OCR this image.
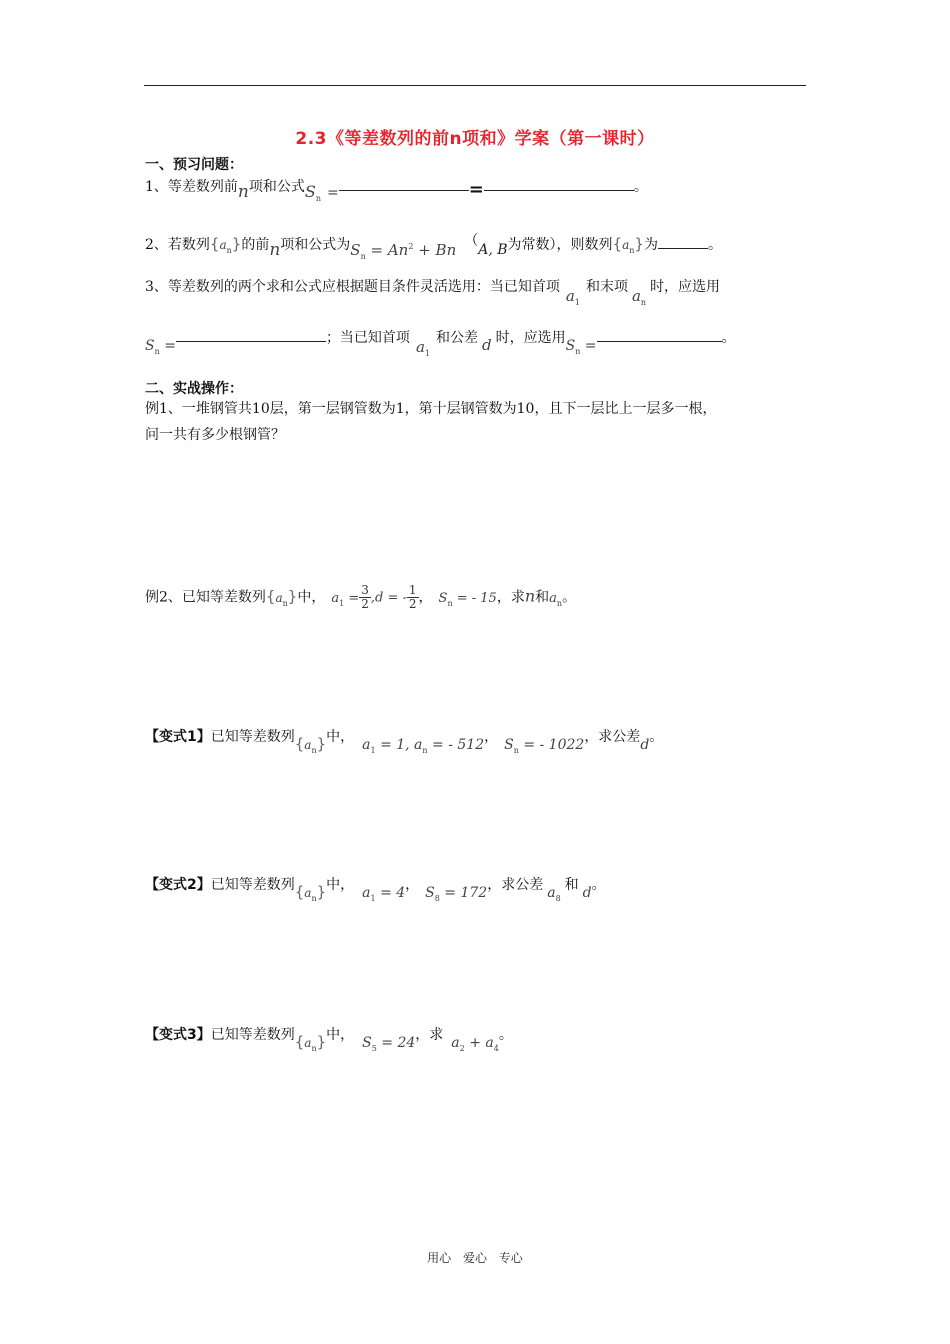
2.3《等差数列的前n项和》学案（第一课时）
一、预习问题：
1、等差数列前n项和公式$S_n$ =	=	。
2、若数列$\{a_n\}$的前n项和公式为$S_n = An^2 + Bn$ （A, B为常数），则数列$\{a_n\}$为	。
3、等差数列的两个求和公式应根据题目条件灵活选用：当已知首项 $a_1$和末项 $a_n$时，应选用
$S_n$ =	；当已知首项 $a_1$和公差 d 时，应选用$S_n$ =	。
二、实战操作：
例1、一堆钢管共10层，第一层钢管数为1，第十层钢管数为10，且下一层比上一层多一根，
问一共有多少根钢管？
例2、已知等差数列$\{a_n\}$中， $a_1 = \frac{3}{2} ,d$ = - $\frac{1}{2}$ ， $S_n$ = - 15，求n和$a_n$。
【变式1】已知等差数列$\{a_n\}$中， $a_1 = 1$, $a_n$ = - 512， $S_n$ = - 1022，求公差d。
【变式2】已知等差数列$\{a_n\}$中， $a_1 = 4$， $S_8 = 172$，求公差 $a_8$和 d。
【变式3】已知等差数列$\{a_n\}$中， $S_5 = 24$，求 $a_2 + a_4$。
用心 爱心 专心
